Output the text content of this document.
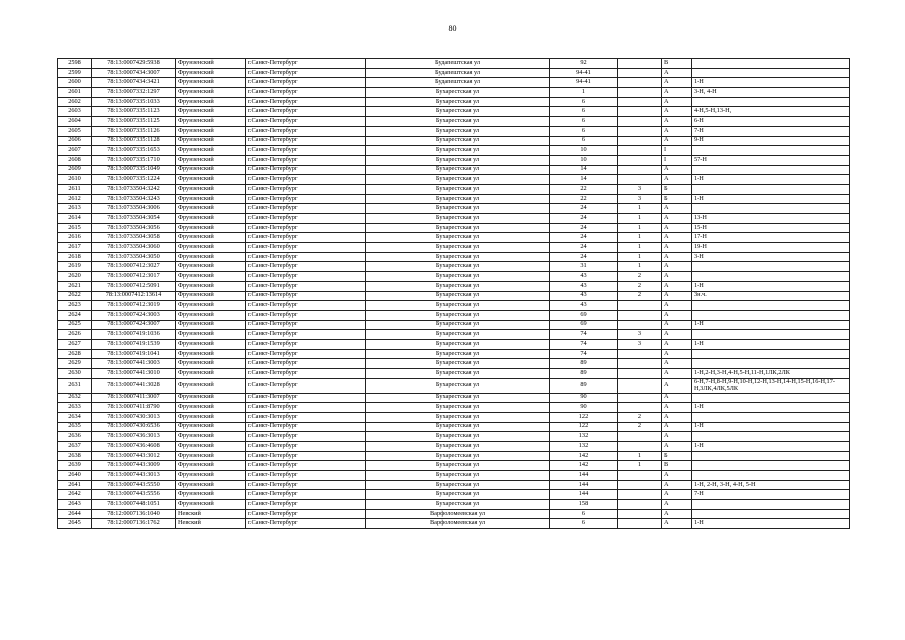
80
2598	78:13:0007429:5938	Фрунзенский	г.Санкт-Петербург	Будапештская ул	92		В	
2599	78:13:0007434:3007	Фрунзенский	г.Санкт-Петербург	Будапештская ул	94-41		А	
2600	78:13:0007434:3421	Фрунзенский	г.Санкт-Петербург	Будапештская ул	94-41		А	1-Н
2601	78:13:0007332:1297	Фрунзенский	г.Санкт-Петербург	Бухарестская ул	1		А	3-Н, 4-Н
2602	78:13:0007335:1033	Фрунзенский	г.Санкт-Петербург	Бухарестская ул	6		А	
2603	78:13:0007335:1123	Фрунзенский	г.Санкт-Петербург	Бухарестская ул	6		А	4-Н,5-Н,13-Н,
2604	78:13:0007335:1125	Фрунзенский	г.Санкт-Петербург	Бухарестская ул	6		А	6-Н
2605	78:13:0007335:1126	Фрунзенский	г.Санкт-Петербург	Бухарестская ул	6		А	7-Н
2606	78:13:0007335:1128	Фрунзенский	г.Санкт-Петербург	Бухарестская ул	6		А	9-Н
2607	78:13:0007335:1653	Фрунзенский	г.Санкт-Петербург	Бухарестская ул	10		І	
2608	78:13:0007335:1710	Фрунзенский	г.Санкт-Петербург	Бухарестская ул	10		І	57-Н
2609	78:13:0007335:1049	Фрунзенский	г.Санкт-Петербург	Бухарестская ул	14		А	
2610	78:13:0007335:1224	Фрунзенский	г.Санкт-Петербург	Бухарестская ул	14		А	1-Н
2611	78:13:0733504:3242	Фрунзенский	г.Санкт-Петербург	Бухарестская ул	22	3	Б	
2612	78:13:0733504:3243	Фрунзенский	г.Санкт-Петербург	Бухарестская ул	22	3	Б	1-Н
2613	78:13:0733504:3006	Фрунзенский	г.Санкт-Петербург	Бухарестская ул	24	1	А	
2614	78:13:0733504:3054	Фрунзенский	г.Санкт-Петербург	Бухарестская ул	24	1	А	13-Н
2615	78:13:0733504:3056	Фрунзенский	г.Санкт-Петербург	Бухарестская ул	24	1	А	15-Н
2616	78:13:0733504:3058	Фрунзенский	г.Санкт-Петербург	Бухарестская ул	24	1	А	17-Н
2617	78:13:0733504:3060	Фрунзенский	г.Санкт-Петербург	Бухарестская ул	24	1	А	19-Н
2618	78:13:0733504:3050	Фрунзенский	г.Санкт-Петербург	Бухарестская ул	24	1	А	3-Н
2619	78:13:0007412:3027	Фрунзенский	г.Санкт-Петербург	Бухарестская ул	31	1	А	
2620	78:13:0007412:3017	Фрунзенский	г.Санкт-Петербург	Бухарестская ул	43	2	А	
2621	78:13:0007412:5091	Фрунзенский	г.Санкт-Петербург	Бухарестская ул	43	2	А	1-Н
2622	78:13:0007412:13614	Фрунзенский	г.Санкт-Петербург	Бухарестская ул	43	2	А	3н.ч.
2623	78:13:0007412:3019	Фрунзенский	г.Санкт-Петербург	Бухарестская ул	43		А	
2624	78:13:0007424:3003	Фрунзенский	г.Санкт-Петербург	Бухарестская ул	69		А	
2625	78:13:0007424:3007	Фрунзенский	г.Санкт-Петербург	Бухарестская ул	69		А	1-Н
2626	78:13:0007419:1036	Фрунзенский	г.Санкт-Петербург	Бухарестская ул	74	3	А	
2627	78:13:0007419:1539	Фрунзенский	г.Санкт-Петербург	Бухарестская ул	74	3	А	1-Н
2628	78:13:0007419:1041	Фрунзенский	г.Санкт-Петербург	Бухарестская ул	74		А	
2629	78:13:0007441:3003	Фрунзенский	г.Санкт-Петербург	Бухарестская ул	89		А	
2630	78:13:0007441:3010	Фрунзенский	г.Санкт-Петербург	Бухарестская ул	89		А	1-Н,2-Н,3-Н,4-Н,5-Н,11-Н,1ЛК,2ЛК
2631	78:13:0007441:3028	Фрунзенский	г.Санкт-Петербург	Бухарестская ул	89		А	6-Н,7-Н,8-Н,9-Н,10-Н,12-Н,13-Н,14-Н,15-Н,16-Н,17-Н,3ЛК,4ЛК,5ЛК
2632	78:13:0007411:3007	Фрунзенский	г.Санкт-Петербург	Бухарестская ул	90		А	
2633	78:13:0007411:8790	Фрунзенский	г.Санкт-Петербург	Бухарестская ул	90		А	1-Н
2634	78:13:0007430:3013	Фрунзенский	г.Санкт-Петербург	Бухарестская ул	122	2	А	
2635	78:13:0007430:6536	Фрунзенский	г.Санкт-Петербург	Бухарестская ул	122	2	А	1-Н
2636	78:13:0007436:3013	Фрунзенский	г.Санкт-Петербург	Бухарестская ул	132		А	
2637	78:13:0007436:4608	Фрунзенский	г.Санкт-Петербург	Бухарестская ул	132		А	1-Н
2638	78:13:0007443:3012	Фрунзенский	г.Санкт-Петербург	Бухарестская ул	142	1	Б	
2639	78:13:0007443:3009	Фрунзенский	г.Санкт-Петербург	Бухарестская ул	142	1	В	
2640	78:13:0007443:3013	Фрунзенский	г.Санкт-Петербург	Бухарестская ул	144		А	
2641	78:13:0007443:5550	Фрунзенский	г.Санкт-Петербург	Бухарестская ул	144		А	1-Н, 2-Н, 3-Н, 4-Н, 5-Н
2642	78:13:0007443:5556	Фрунзенский	г.Санкт-Петербург	Бухарестская ул	144		А	7-Н
2643	78:13:0007448:1051	Фрунзенский	г.Санкт-Петербург	Бухарестская ул	158		А	
2644	78:12:0007136:1040	Невский	г.Санкт-Петербург	Варфоломеевская ул	6		А	
2645	78:12:0007136:1762	Невский	г.Санкт-Петербург	Варфоломеевская ул	6		А	1-Н
